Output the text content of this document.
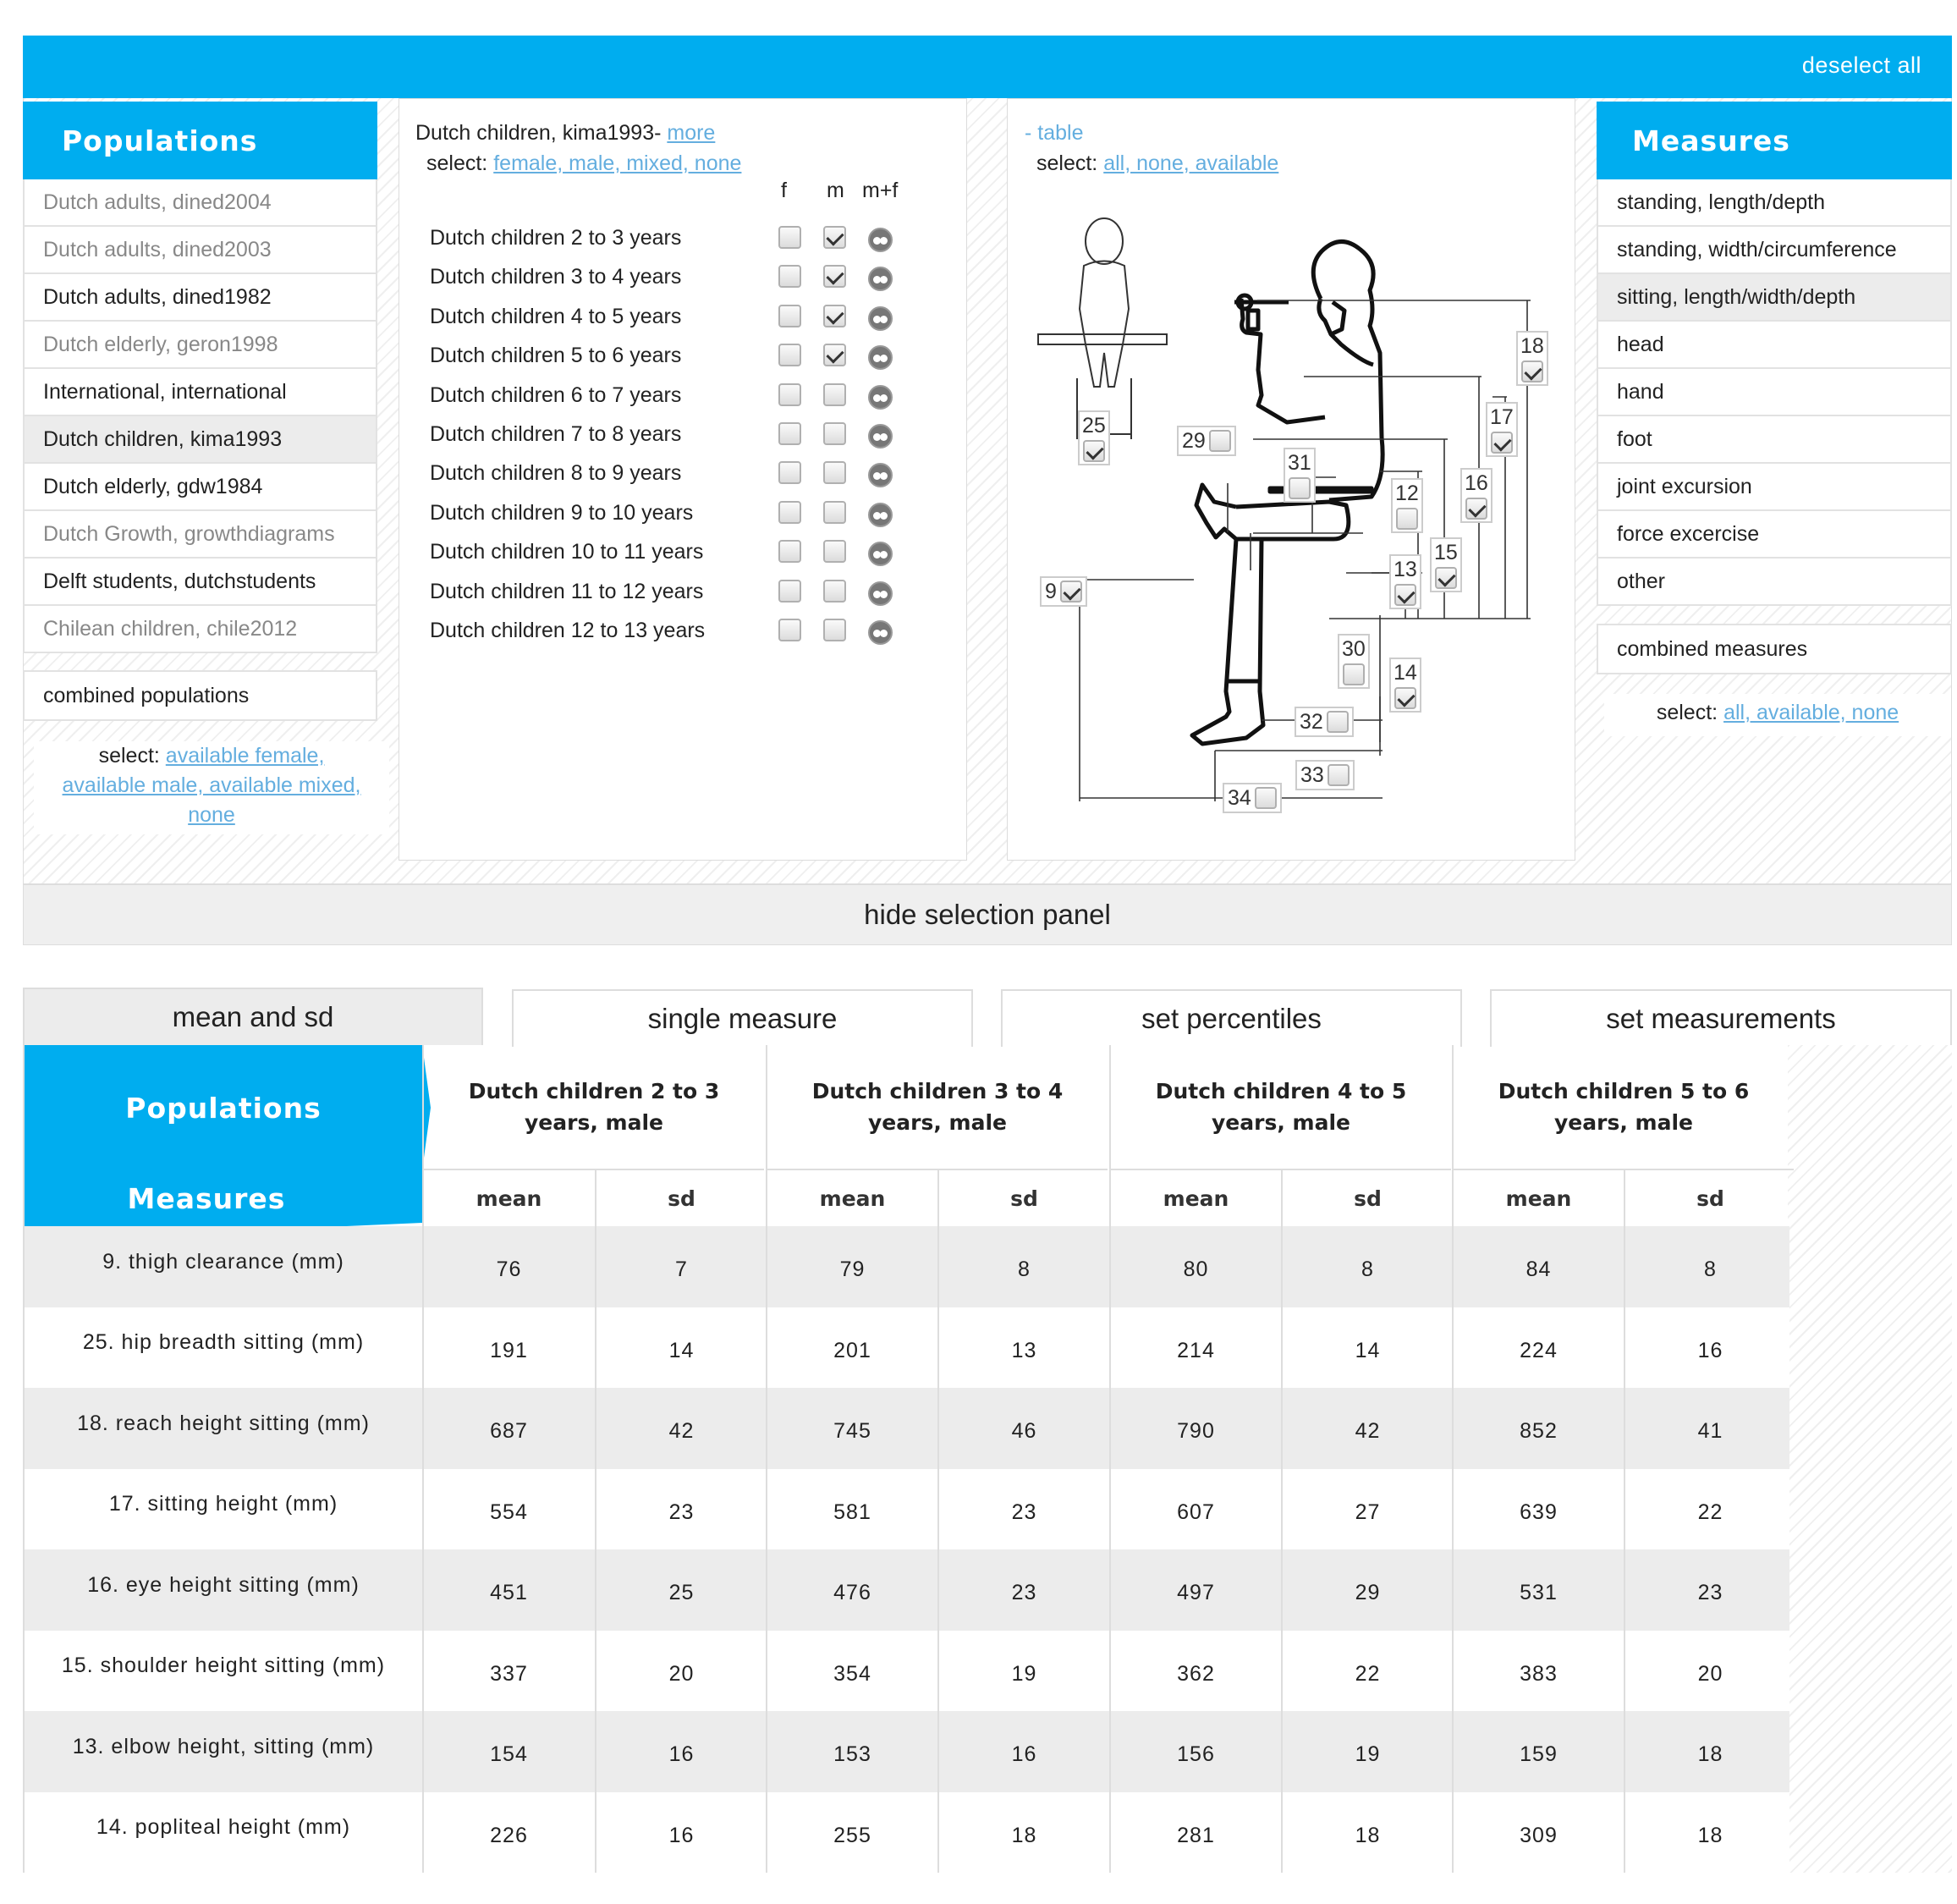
deselect all
Populations
Dutch adults, dined2004
Dutch adults, dined2003
Dutch adults, dined1982
Dutch elderly, geron1998
International, international
Dutch children, kima1993
Dutch elderly, gdw1984
Dutch Growth, growthdiagrams
Delft students, dutchstudents
Chilean children, chile2012
combined populations
select: available female,
available male, available mixed,
none
Dutch children, kima1993- more
select: female, male, mixed, none
f m m+f
Dutch children 2 to 3 years
Dutch children 3 to 4 years
Dutch children 4 to 5 years
Dutch children 5 to 6 years
Dutch children 6 to 7 years
Dutch children 7 to 8 years
Dutch children 8 to 9 years
Dutch children 9 to 10 years
Dutch children 10 to 11 years
Dutch children 11 to 12 years
Dutch children 12 to 13 years
- table
select: all, none, available
25
29
31
18
17
16
12
15
13
9
30
14
32
33
34
Measures
standing, length/depth
standing, width/circumference
sitting, length/width/depth
head
hand
foot
joint excursion
force excercise
other
combined measures
select: all, available, none
hide selection panel
mean and sd	single measure	set percentiles	set measurements
Populations
Measures
Dutch children 2 to 3
years, male
Dutch children 3 to 4
years, male
Dutch children 4 to 5
years, male
Dutch children 5 to 6
years, male
mean	sd	mean	sd	mean	sd	mean	sd
9. thigh clearance (mm)	76	7	79	8	80	8	84	8
25. hip breadth sitting (mm)	191	14	201	13	214	14	224	16
18. reach height sitting (mm)	687	42	745	46	790	42	852	41
17. sitting height (mm)	554	23	581	23	607	27	639	22
16. eye height sitting (mm)	451	25	476	23	497	29	531	23
15. shoulder height sitting (mm)	337	20	354	19	362	22	383	20
13. elbow height, sitting (mm)	154	16	153	16	156	19	159	18
14. popliteal height (mm)	226	16	255	18	281	18	309	18
